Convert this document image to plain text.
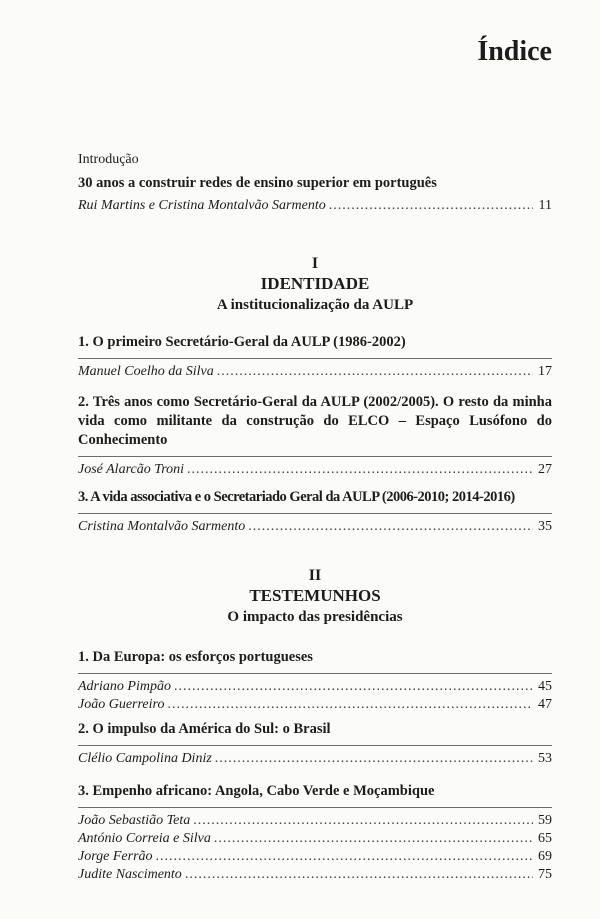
Índice
Introdução

30 anos a construir redes de ensino superior em português

Rui Martins e Cristina Montalvão Sarmento .....	11
I
IDENTIDADE
A institucionalização da AULP

1. O primeiro Secretário-Geral da AULP (1986-2002)

Manuel Coelho da Silva .....	17

2. Três anos como Secretário-Geral da AULP (2002/2005). O resto da minha vida como militante da construção do ELCO – Espaço Lusófono do Conhecimento

José Alarcão Troni .....	27

3. A vida associativa e o Secretariado Geral da AULP (2006-2010; 2014-2016)

Cristina Montalvão Sarmento .....	35
II
TESTEMUNHOS
O impacto das presidências

1. Da Europa: os esforços portugueses

Adriano Pimpão .....	45
João Guerreiro .....	47

2. O impulso da América do Sul: o Brasil

Clélio Campolina Diniz .....	53

3. Empenho africano: Angola, Cabo Verde e Moçambique

João Sebastião Teta .....	59
António Correia e Silva .....	65
Jorge Ferrão .....	69
Judite Nascimento .....	75
